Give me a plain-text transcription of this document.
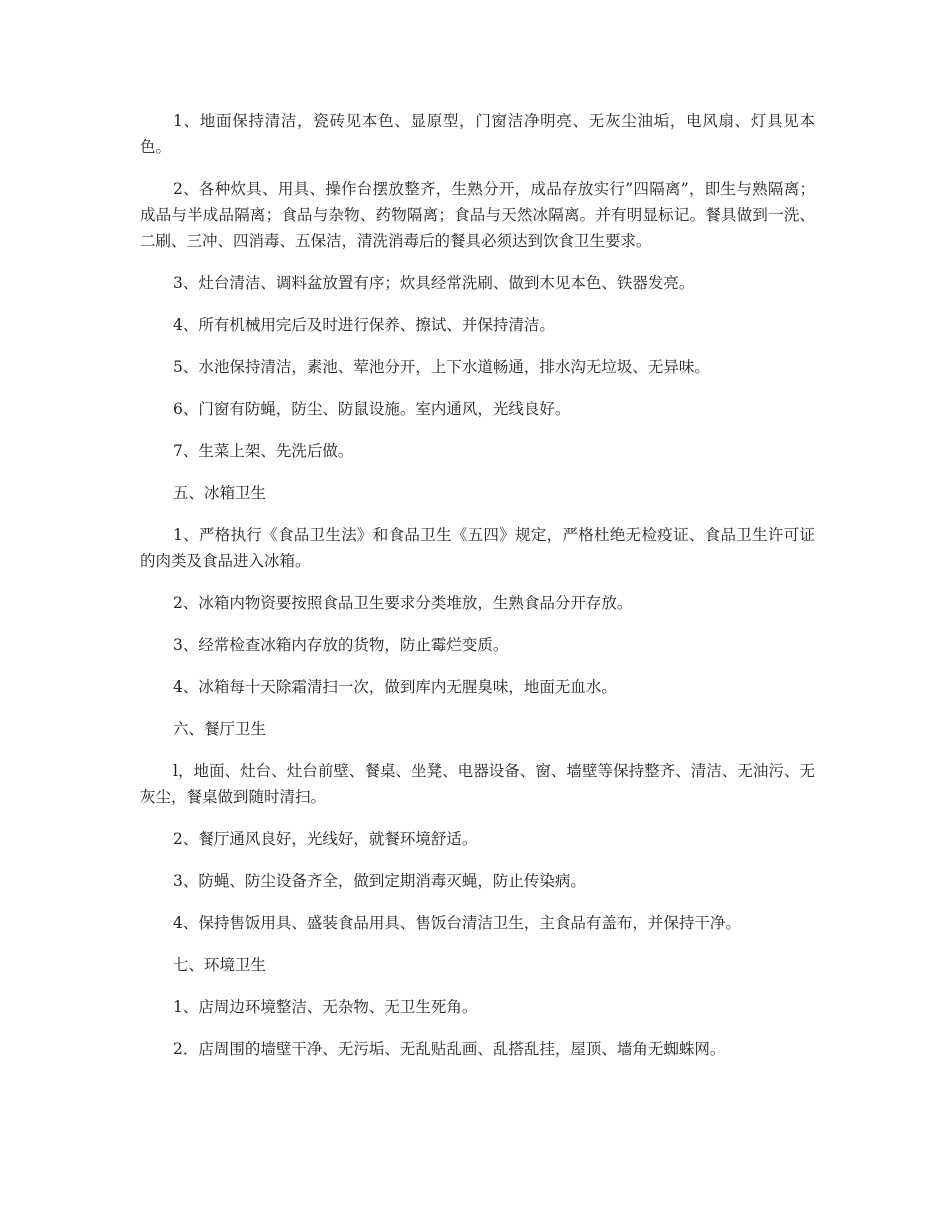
1、地面保持清洁，瓷砖见本色、显原型，门窗洁净明亮、无灰尘油垢，电风扇、灯具见本色。

2、各种炊具、用具、操作台摆放整齐，生熟分开，成品存放实行”四隔离”，即生与熟隔离；成品与半成品隔离；食品与杂物、药物隔离；食品与天然冰隔离。并有明显标记。餐具做到一洗、二刷、三冲、四消毒、五保洁，清洗消毒后的餐具必须达到饮食卫生要求。

3、灶台清洁、调料盆放置有序；炊具经常洗刷、做到木见本色、铁器发亮。

4、所有机械用完后及时进行保养、擦试、并保持清洁。

5、水池保持清洁，素池、荤池分开，上下水道畅通，排水沟无垃圾、无异味。

6、门窗有防蝇，防尘、防鼠设施。室内通风，光线良好。

7、生菜上架、先洗后做。

五、冰箱卫生

1、严格执行《食品卫生法》和食品卫生《五四》规定，严格杜绝无检疫证、食品卫生许可证的肉类及食品进入冰箱。

2、冰箱内物资要按照食品卫生要求分类堆放，生熟食品分开存放。

3、经常检查冰箱内存放的货物，防止霉烂变质。

4、冰箱每十天除霜清扫一次，做到库内无腥臭味，地面无血水。

六、餐厅卫生

l，地面、灶台、灶台前壁、餐桌、坐凳、电器设备、窗、墙壁等保持整齐、清洁、无油污、无灰尘，餐桌做到随时清扫。

2、餐厅通风良好，光线好，就餐环境舒适。

3、防蝇、防尘设备齐全，做到定期消毒灭蝇，防止传染病。

4、保持售饭用具、盛装食品用具、售饭台清洁卫生，主食品有盖布，并保持干净。

七、环境卫生

1、店周边环境整洁、无杂物、无卫生死角。

2．店周围的墙壁干净、无污垢、无乱贴乱画、乱搭乱挂，屋顶、墙角无蜘蛛网。
